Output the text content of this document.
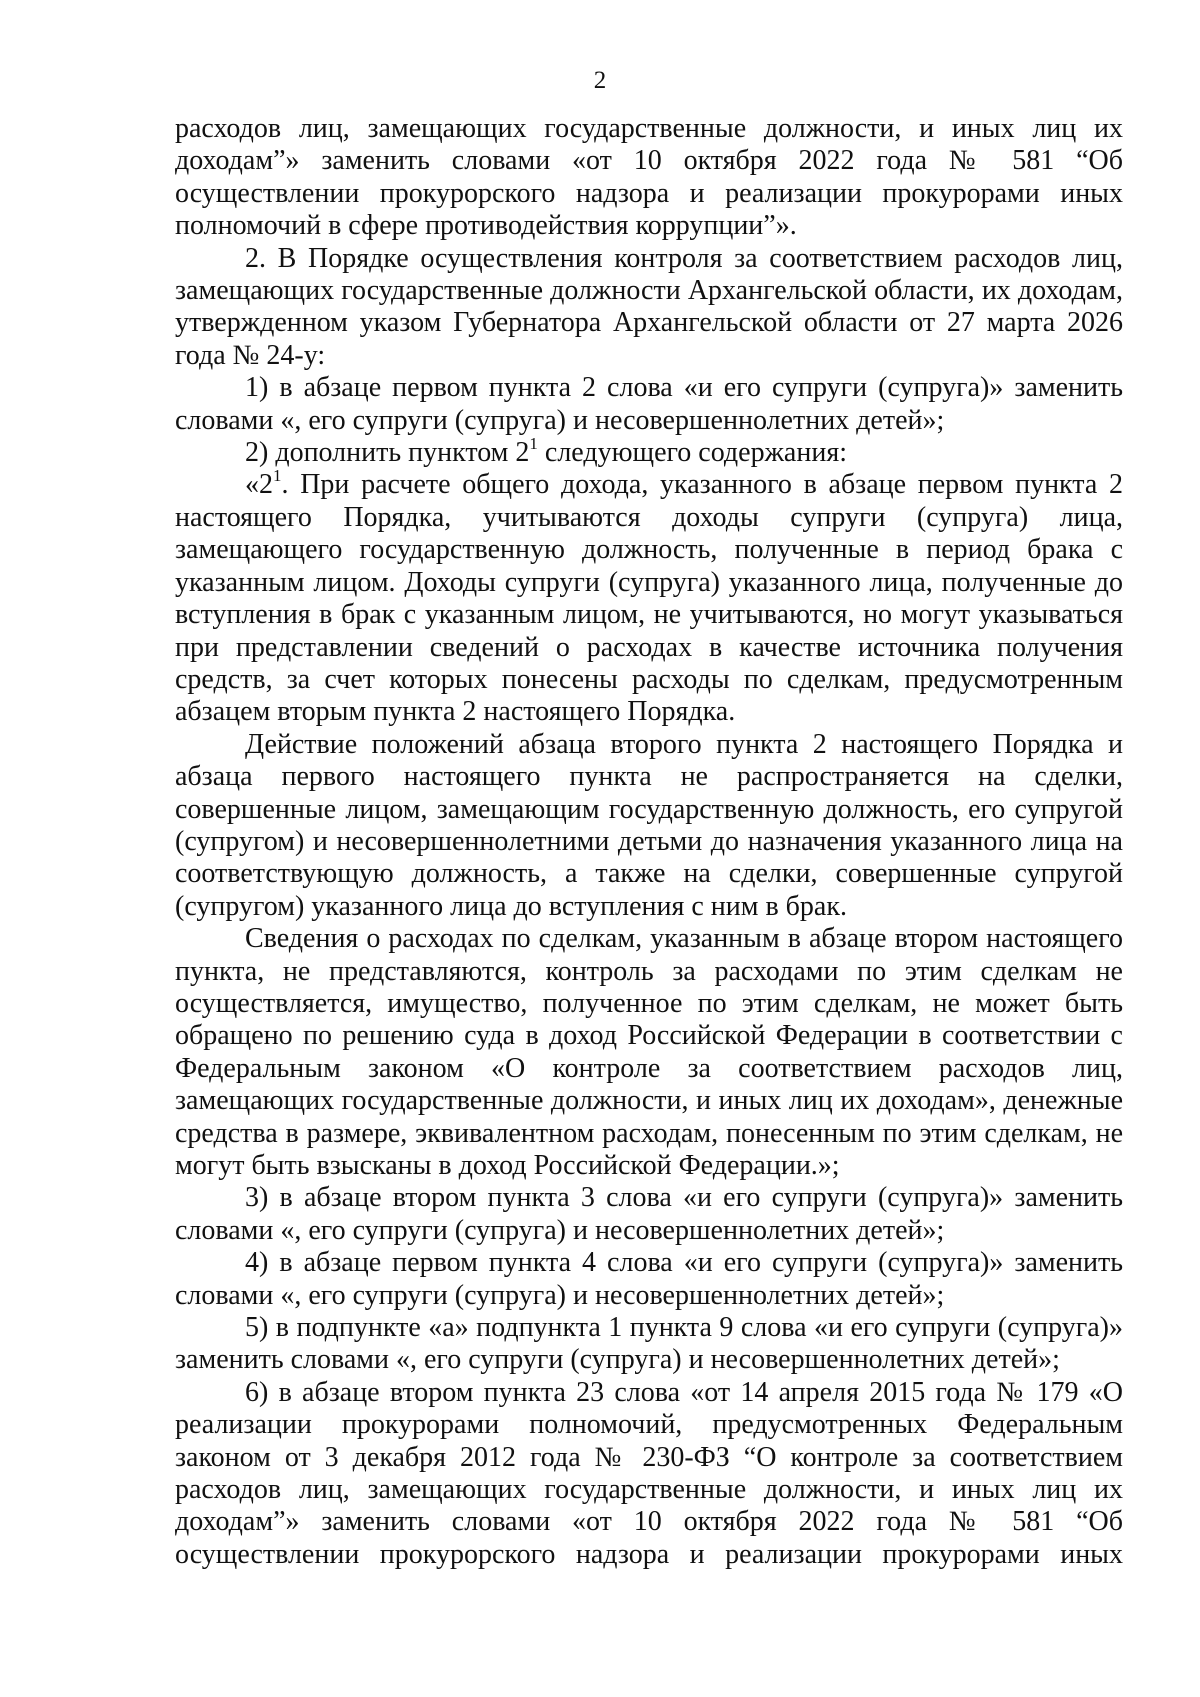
2

расходов лиц, замещающих государственные должности, и иных лиц их доходам”» заменить словами «от 10 октября 2022 года № 581 “Об осуществлении прокурорского надзора и реализации прокурорами иных полномочий в сфере противодействия коррупции”».

2. В Порядке осуществления контроля за соответствием расходов лиц, замещающих государственные должности Архангельской области, их доходам, утвержденном указом Губернатора Архангельской области от 27 марта 2026 года № 24-у:

1) в абзаце первом пункта 2 слова «и его супруги (супруга)» заменить словами «, его супруги (супруга) и несовершеннолетних детей»;

2) дополнить пунктом $2^1$ следующего содержания:

«$2^1$. При расчете общего дохода, указанного в абзаце первом пункта 2 настоящего Порядка, учитываются доходы супруги (супруга) лица, замещающего государственную должность, полученные в период брака с указанным лицом. Доходы супруги (супруга) указанного лица, полученные до вступления в брак с указанным лицом, не учитываются, но могут указываться при представлении сведений о расходах в качестве источника получения средств, за счет которых понесены расходы по сделкам, предусмотренным абзацем вторым пункта 2 настоящего Порядка.

Действие положений абзаца второго пункта 2 настоящего Порядка и абзаца первого настоящего пункта не распространяется на сделки, совершенные лицом, замещающим государственную должность, его супругой (супругом) и несовершеннолетними детьми до назначения указанного лица на соответствующую должность, а также на сделки, совершенные супругой (супругом) указанного лица до вступления с ним в брак.

Сведения о расходах по сделкам, указанным в абзаце втором настоящего пункта, не представляются, контроль за расходами по этим сделкам не осуществляется, имущество, полученное по этим сделкам, не может быть обращено по решению суда в доход Российской Федерации в соответствии с Федеральным законом «О контроле за соответствием расходов лиц, замещающих государственные должности, и иных лиц их доходам», денежные средства в размере, эквивалентном расходам, понесенным по этим сделкам, не могут быть взысканы в доход Российской Федерации.»;

3) в абзаце втором пункта 3 слова «и его супруги (супруга)» заменить словами «, его супруги (супруга) и несовершеннолетних детей»;

4) в абзаце первом пункта 4 слова «и его супруги (супруга)» заменить словами «, его супруги (супруга) и несовершеннолетних детей»;

5) в подпункте «а» подпункта 1 пункта 9 слова «и его супруги (супруга)» заменить словами «, его супруги (супруга) и несовершеннолетних детей»;

6) в абзаце втором пункта 23 слова «от 14 апреля 2015 года № 179 «О реализации прокурорами полномочий, предусмотренных Федеральным законом от 3 декабря 2012 года № 230-ФЗ “О контроле за соответствием расходов лиц, замещающих государственные должности, и иных лиц их доходам”» заменить словами «от 10 октября 2022 года № 581 “Об осуществлении прокурорского надзора и реализации прокурорами иных
